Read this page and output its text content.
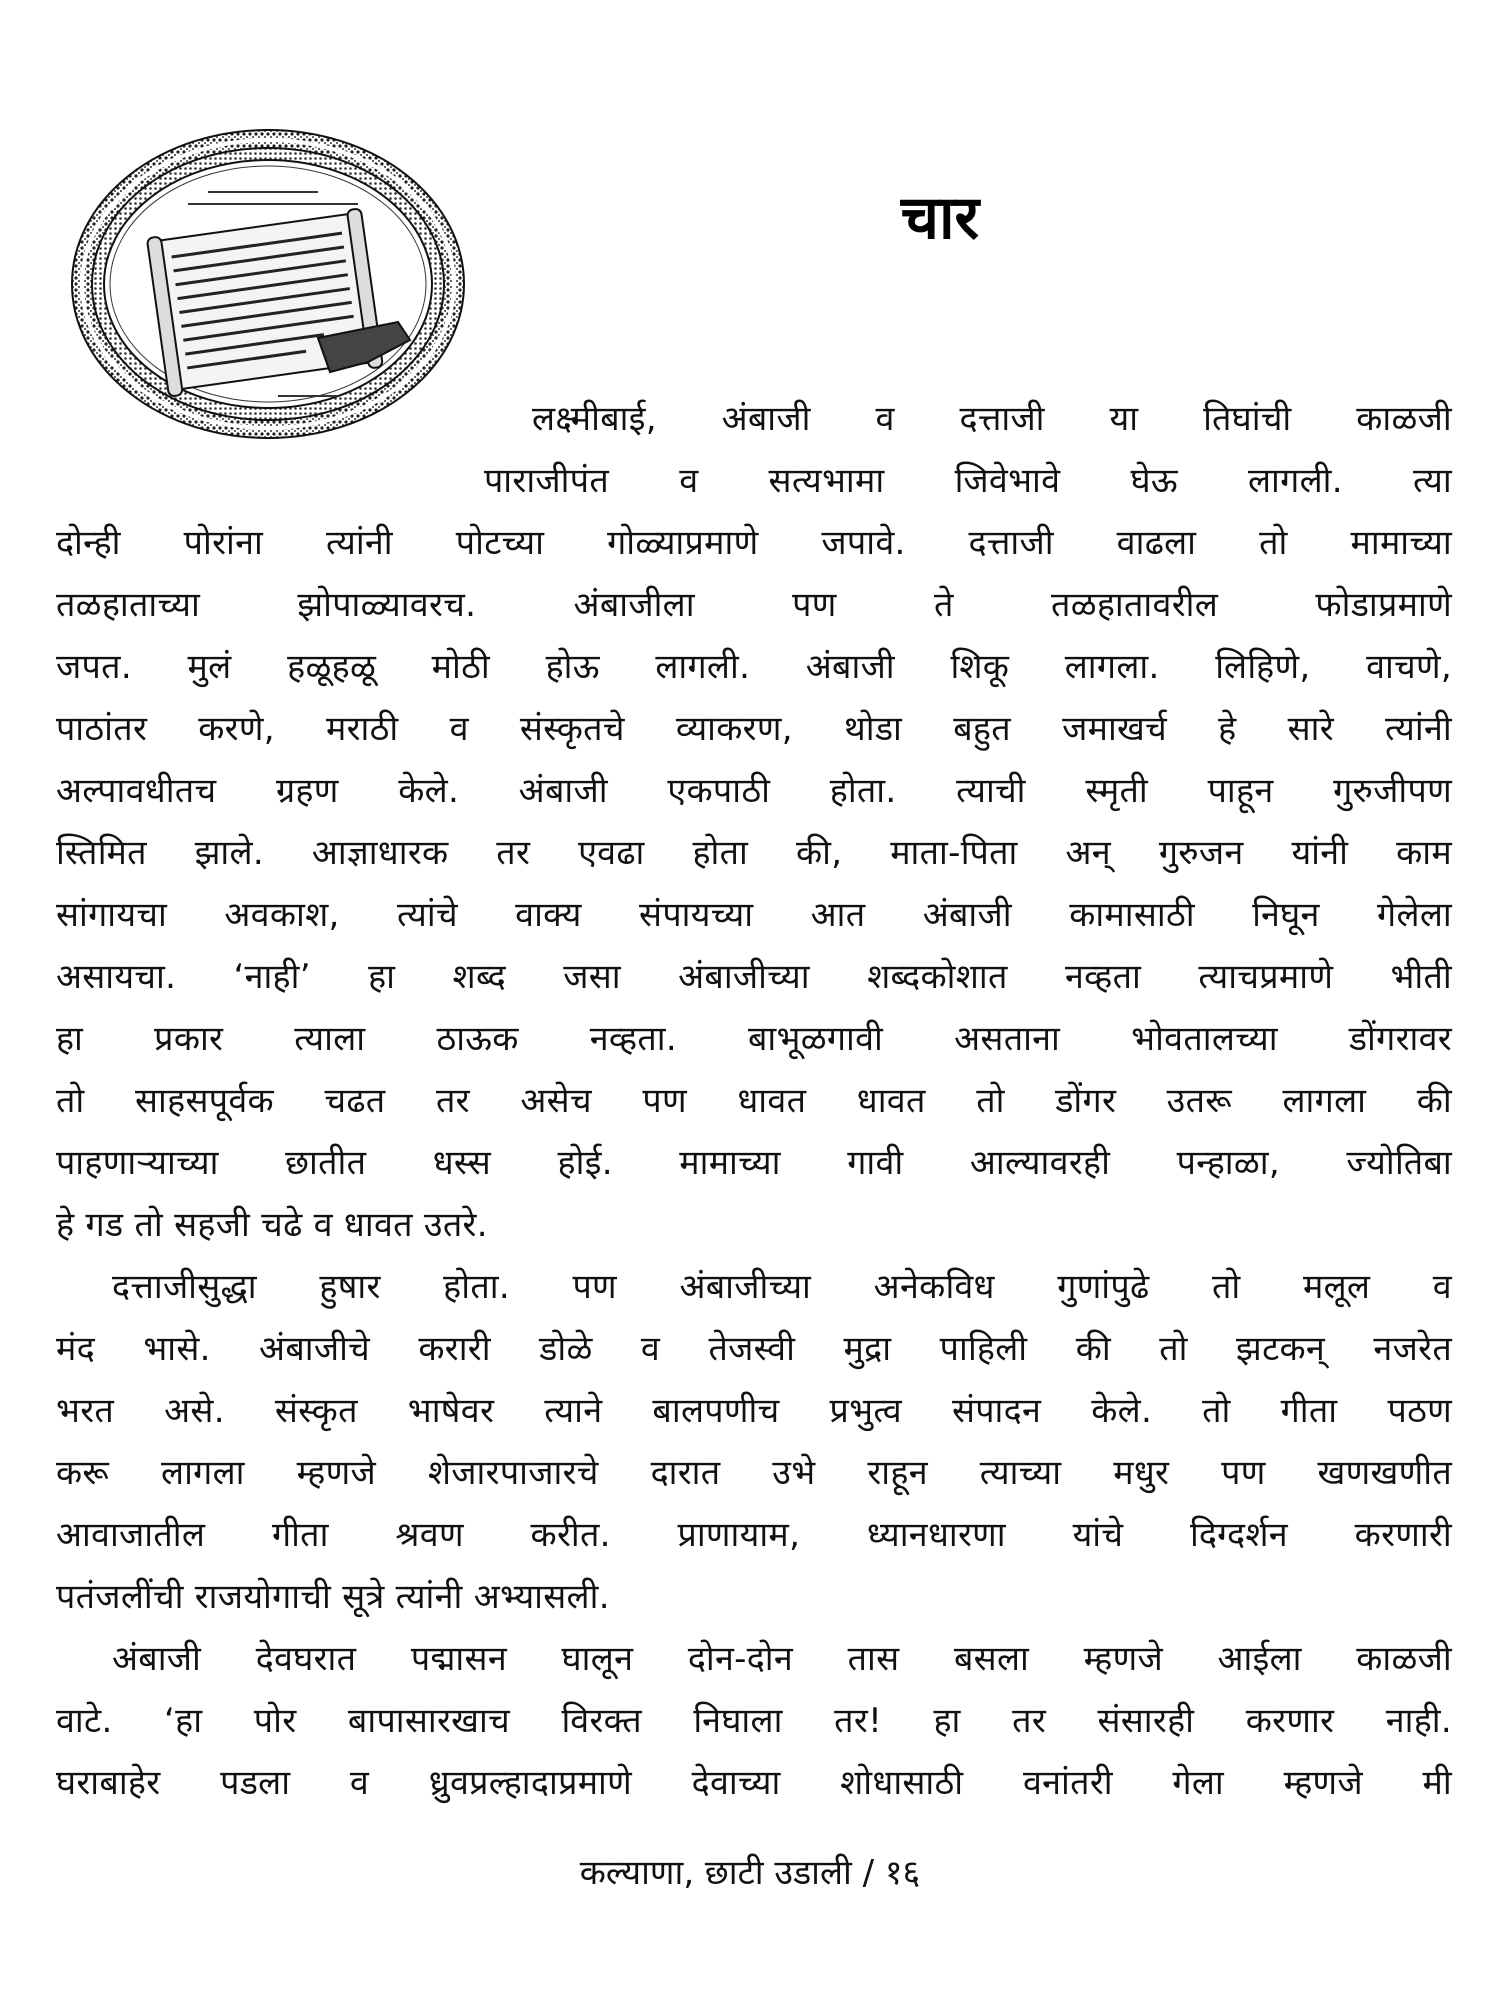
चार
लक्ष्मीबाई, अंबाजी व दत्ताजी या तिघांची काळजी
पाराजीपंत व सत्यभामा जिवेभावे घेऊ लागली. त्या
दोन्ही पोरांना त्यांनी पोटच्या गोळ्याप्रमाणे जपावे. दत्ताजी वाढला तो मामाच्या
तळहाताच्या झोपाळ्यावरच. अंबाजीला पण ते तळहातावरील फोडाप्रमाणे
जपत. मुलं हळूहळू मोठी होऊ लागली. अंबाजी शिकू लागला. लिहिणे, वाचणे,
पाठांतर करणे, मराठी व संस्कृतचे व्याकरण, थोडा बहुत जमाखर्च हे सारे त्यांनी
अल्पावधीतच ग्रहण केले. अंबाजी एकपाठी होता. त्याची स्मृती पाहून गुरुजीपण
स्तिमित झाले. आज्ञाधारक तर एवढा होता की, माता-पिता अन् गुरुजन यांनी काम
सांगायचा अवकाश, त्यांचे वाक्य संपायच्या आत अंबाजी कामासाठी निघून गेलेला
असायचा. ‘नाही’ हा शब्द जसा अंबाजीच्या शब्दकोशात नव्हता त्याचप्रमाणे भीती
हा प्रकार त्याला ठाऊक नव्हता. बाभूळगावी असताना भोवतालच्या डोंगरावर
तो साहसपूर्वक चढत तर असेच पण धावत धावत तो डोंगर उतरू लागला की
पाहणाऱ्याच्या छातीत धस्स होई. मामाच्या गावी आल्यावरही पन्हाळा, ज्योतिबा
हे गड तो सहजी चढे व धावत उतरे.
दत्ताजीसुद्धा हुषार होता. पण अंबाजीच्या अनेकविध गुणांपुढे तो मलूल व
मंद भासे. अंबाजीचे करारी डोळे व तेजस्वी मुद्रा पाहिली की तो झटकन् नजरेत
भरत असे. संस्कृत भाषेवर त्याने बालपणीच प्रभुत्व संपादन केले. तो गीता पठण
करू लागला म्हणजे शेजारपाजारचे दारात उभे राहून त्याच्या मधुर पण खणखणीत
आवाजातील गीता श्रवण करीत. प्राणायाम, ध्यानधारणा यांचे दिग्दर्शन करणारी
पतंजलींची राजयोगाची सूत्रे त्यांनी अभ्यासली.
अंबाजी देवघरात पद्मासन घालून दोन-दोन तास बसला म्हणजे आईला काळजी
वाटे. ‘हा पोर बापासारखाच विरक्त निघाला तर! हा तर संसारही करणार नाही.
घराबाहेर पडला व ध्रुवप्रल्हादाप्रमाणे देवाच्या शोधासाठी वनांतरी गेला म्हणजे मी
कल्याणा, छाटी उडाली / १६
